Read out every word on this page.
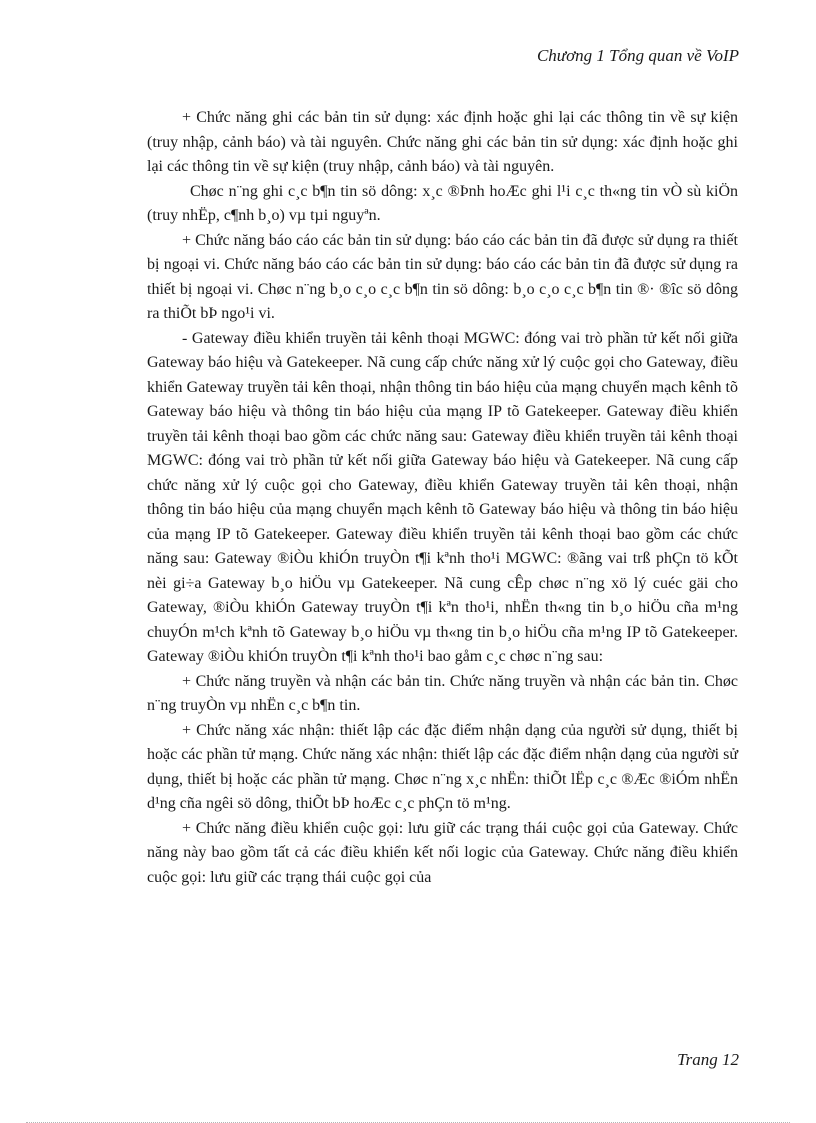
Chương 1 Tổng quan về VoIP

+ Chức năng ghi các bản tin sử dụng: xác định hoặc ghi lại các thông tin về sự kiện (truy nhập, cảnh báo) và tài nguyên. Chức năng ghi các bản tin sử dụng: xác định hoặc ghi lại các thông tin về sự kiện (truy nhập, cảnh báo) và tài nguyên.

Chøc n¨ng ghi c¸c b¶n tin sö dông: x¸c ®Þnh hoÆc ghi l¹i c¸c th«ng tin vÒ sù kiÖn (truy nhËp, c¶nh b¸o) vµ tµi nguyªn.

+ Chức năng báo cáo các bản tin sử dụng: báo cáo các bản tin đã được sử dụng ra thiết bị ngoại vi. Chức năng báo cáo các bản tin sử dụng: báo cáo các bản tin đã được sử dụng ra thiết bị ngoại vi. Chøc n¨ng b¸o c¸o c¸c b¶n tin sö dông: b¸o c¸o c¸c b¶n tin ®· ®îc sö dông ra thiÕt bÞ ngo¹i vi.

- Gateway điều khiển truyền tải kênh thoại MGWC: đóng vai trò phần tử kết nối giữa Gateway báo hiệu và Gatekeeper. Nã cung cấp chức năng xử lý cuộc gọi cho Gateway, điều khiển Gateway truyền tải kên thoại, nhận thông tin báo hiệu của mạng chuyển mạch kênh tõ Gateway báo hiệu và thông tin báo hiệu của mạng IP tõ Gatekeeper. Gateway điều khiển truyền tải kênh thoại bao gồm các chức năng sau: Gateway điều khiển truyền tải kênh thoại MGWC: đóng vai trò phần tử kết nối giữa Gateway báo hiệu và Gatekeeper. Nã cung cấp chức năng xử lý cuộc gọi cho Gateway, điều khiển Gateway truyền tải kên thoại, nhận thông tin báo hiệu của mạng chuyển mạch kênh tõ Gateway báo hiệu và thông tin báo hiệu của mạng IP tõ Gatekeeper. Gateway điều khiển truyền tải kênh thoại bao gồm các chức năng sau: Gateway ®iÒu khiÓn truyÒn t¶i kªnh tho¹i MGWC: ®ãng vai trß phÇn tö kÕt nèi gi÷a Gateway b¸o hiÖu vµ Gatekeeper. Nã cung cÊp chøc n¨ng xö lý cuéc gäi cho Gateway, ®iÒu khiÓn Gateway truyÒn t¶i kªn tho¹i, nhËn th«ng tin b¸o hiÖu cña m¹ng chuyÓn m¹ch kªnh tõ Gateway b¸o hiÖu vµ th«ng tin b¸o hiÖu cña m¹ng IP tõ Gatekeeper. Gateway ®iÒu khiÓn truyÒn t¶i kªnh tho¹i bao gåm c¸c chøc n¨ng sau:

+ Chức năng truyền và nhận các bản tin. Chức năng truyền và nhận các bản tin. Chøc n¨ng truyÒn vµ nhËn c¸c b¶n tin.

+ Chức năng xác nhận: thiết lập các đặc điểm nhận dạng của người sử dụng, thiết bị hoặc các phần tử mạng. Chức năng xác nhận: thiết lập các đặc điểm nhận dạng của người sử dụng, thiết bị hoặc các phần tử mạng. Chøc n¨ng x¸c nhËn: thiÕt lËp c¸c ®Æc ®iÓm nhËn d¹ng cña ngêi sö dông, thiÕt bÞ hoÆc c¸c phÇn tö m¹ng.

+ Chức năng điều khiển cuộc gọi: lưu giữ các trạng thái cuộc gọi của Gateway. Chức năng này bao gồm tất cả các điều khiển kết nối logic của Gateway. Chức năng điều khiển cuộc gọi: lưu giữ các trạng thái cuộc gọi của

Trang 12
